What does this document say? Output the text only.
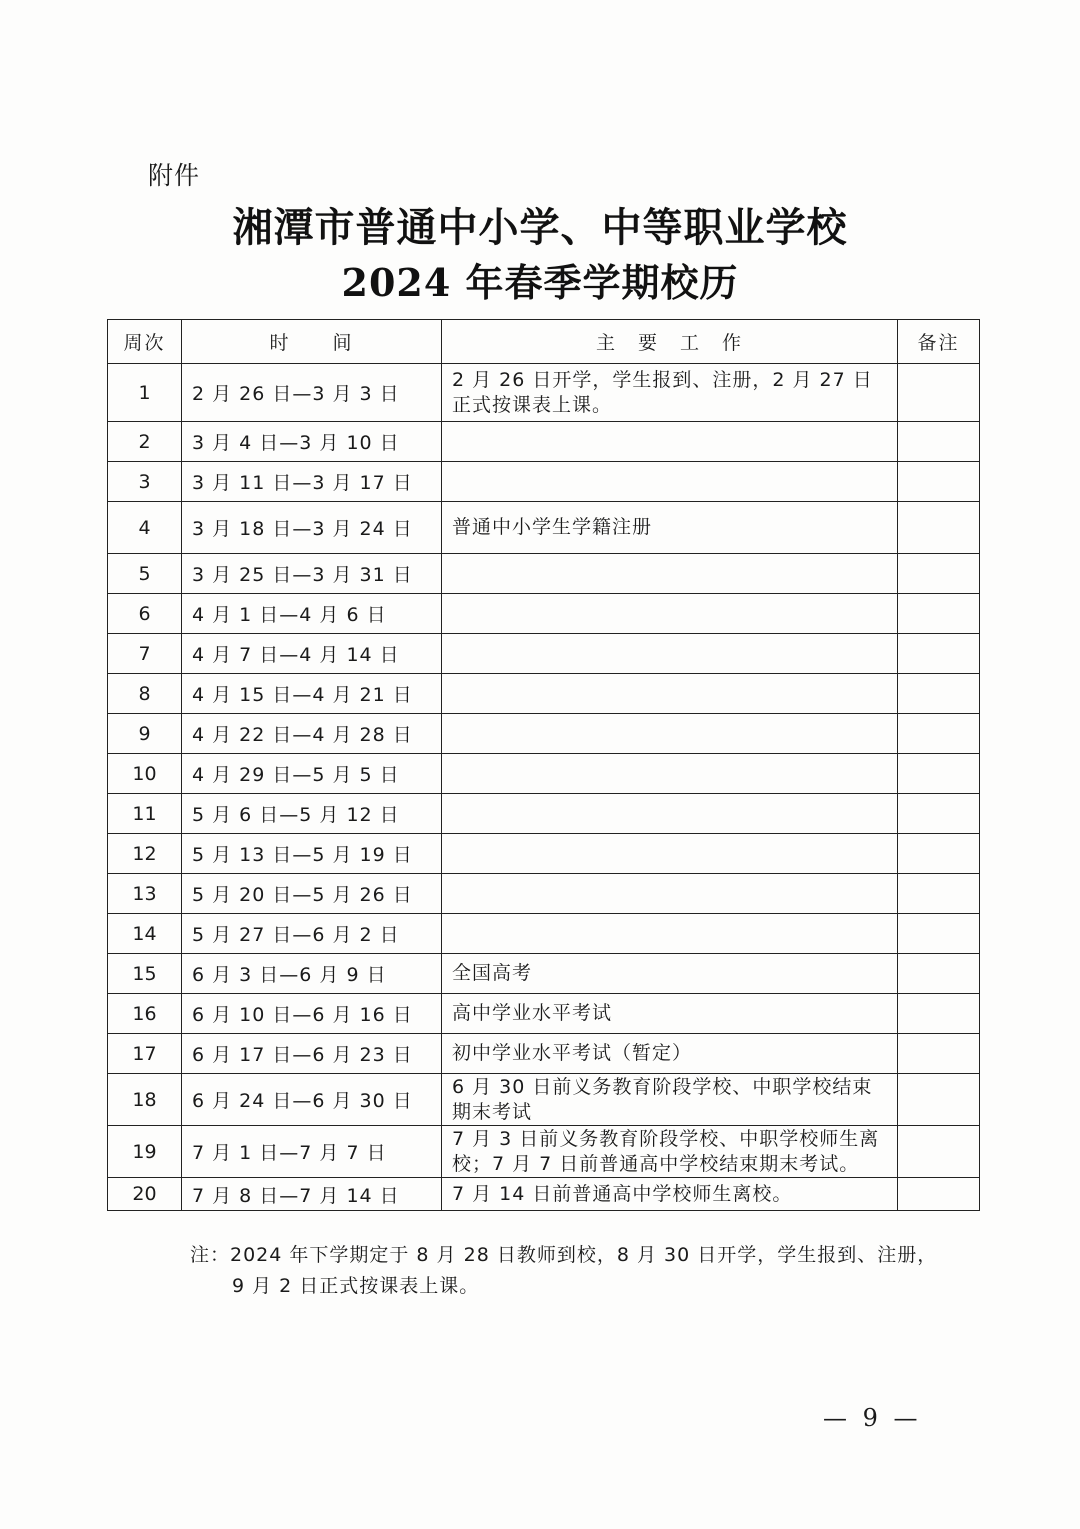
附件
湘潭市普通中小学、中等职业学校
2024 年春季学期校历
周次	时　　间	主　要　工　作	备注
1	2 月 26 日—3 月 3 日	2 月 26 日开学，学生报到、注册，2 月 27 日正式按课表上课。	
2	3 月 4 日—3 月 10 日		
3	3 月 11 日—3 月 17 日		
4	3 月 18 日—3 月 24 日	普通中小学生学籍注册	
5	3 月 25 日—3 月 31 日		
6	4 月 1 日—4 月 6 日		
7	4 月 7 日—4 月 14 日		
8	4 月 15 日—4 月 21 日		
9	4 月 22 日—4 月 28 日		
10	4 月 29 日—5 月 5 日		
11	5 月 6 日—5 月 12 日		
12	5 月 13 日—5 月 19 日		
13	5 月 20 日—5 月 26 日		
14	5 月 27 日—6 月 2 日		
15	6 月 3 日—6 月 9 日	全国高考	
16	6 月 10 日—6 月 16 日	高中学业水平考试	
17	6 月 17 日—6 月 23 日	初中学业水平考试（暂定）	
18	6 月 24 日—6 月 30 日	6 月 30 日前义务教育阶段学校、中职学校结束期末考试	
19	7 月 1 日—7 月 7 日	7 月 3 日前义务教育阶段学校、中职学校师生离校；7 月 7 日前普通高中学校结束期末考试。	
20	7 月 8 日—7 月 14 日	7 月 14 日前普通高中学校师生离校。	
注：2024 年下学期定于 8 月 28 日教师到校，8 月 30 日开学，学生报到、注册，
9 月 2 日正式按课表上课。
— 9 —
